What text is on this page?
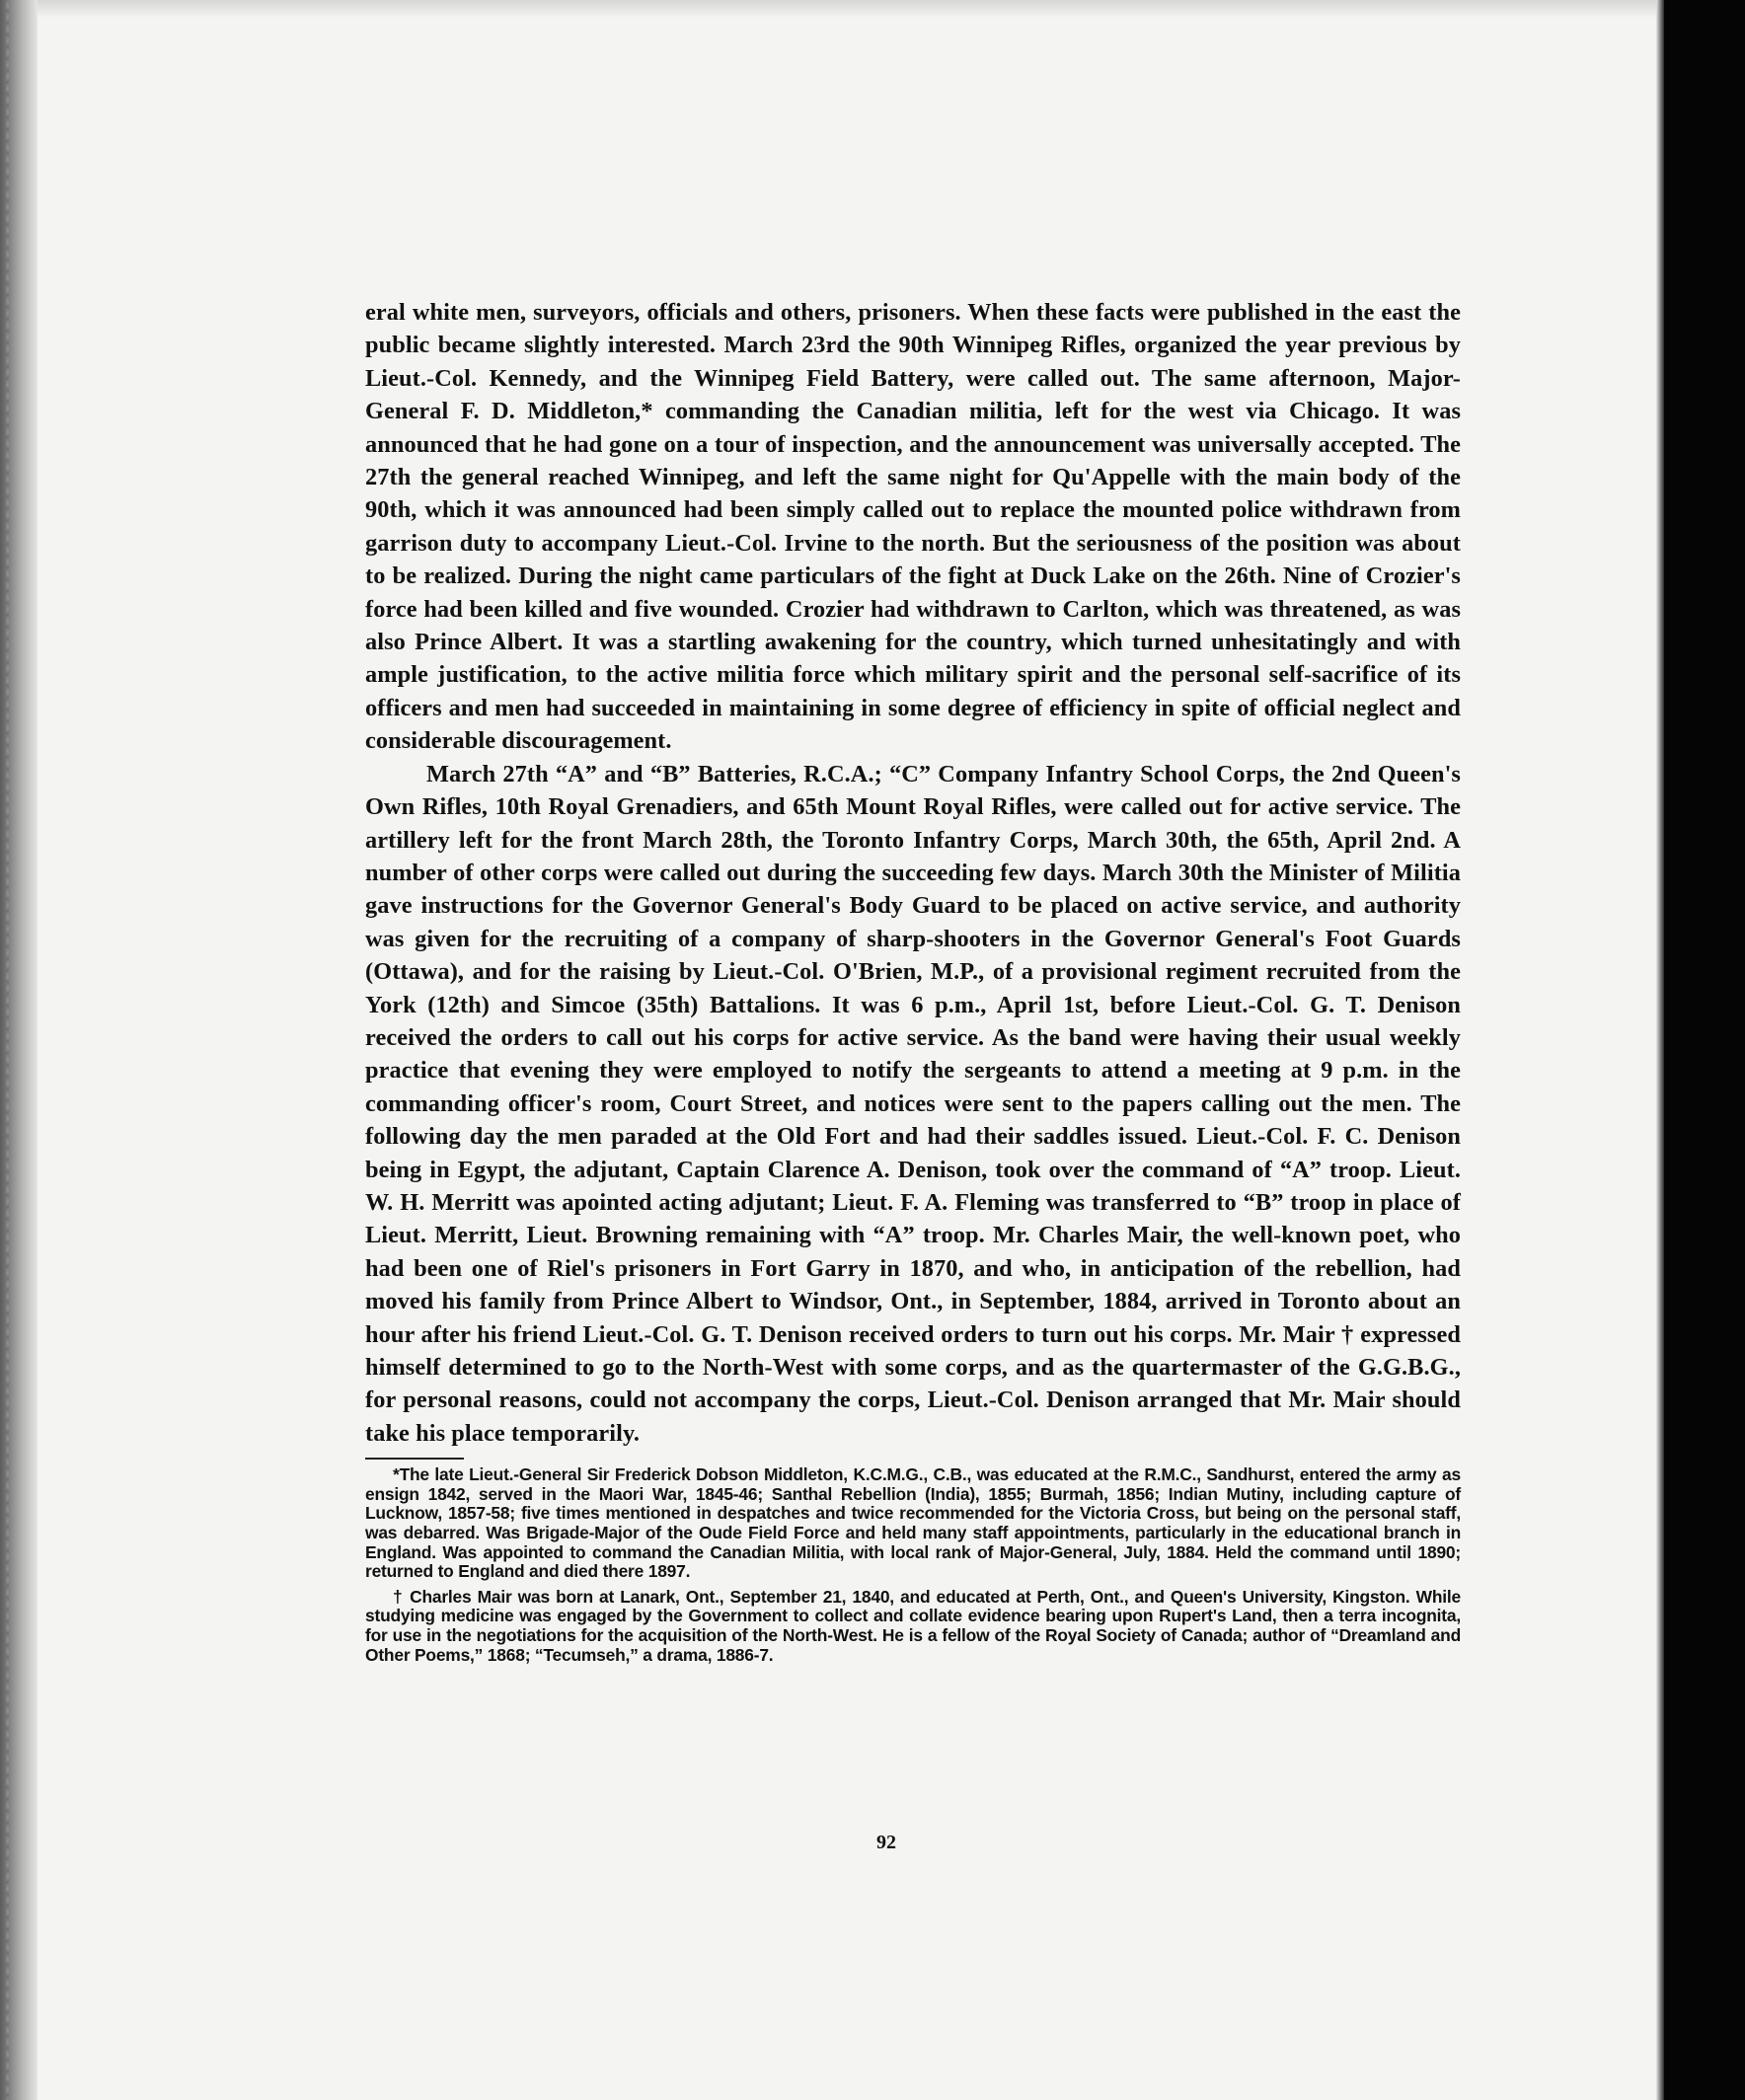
eral white men, surveyors, officials and others, prisoners. When these facts were published in the east the public became slightly interested. March 23rd the 90th Winnipeg Rifles, organized the year previous by Lieut.-Col. Kennedy, and the Winnipeg Field Battery, were called out. The same afternoon, Major-General F. D. Middleton,* commanding the Canadian militia, left for the west via Chicago. It was announced that he had gone on a tour of inspection, and the announcement was universally accepted. The 27th the general reached Winnipeg, and left the same night for Qu'Appelle with the main body of the 90th, which it was announced had been simply called out to replace the mounted police withdrawn from garrison duty to accompany Lieut.-Col. Irvine to the north. But the seriousness of the position was about to be realized. During the night came particulars of the fight at Duck Lake on the 26th. Nine of Crozier's force had been killed and five wounded. Crozier had withdrawn to Carlton, which was threatened, as was also Prince Albert. It was a startling awakening for the country, which turned unhesitatingly and with ample justification, to the active militia force which military spirit and the personal self-sacrifice of its officers and men had succeeded in maintaining in some degree of efficiency in spite of official neglect and considerable discouragement.

March 27th “A” and “B” Batteries, R.C.A.; “C” Company Infantry School Corps, the 2nd Queen's Own Rifles, 10th Royal Grenadiers, and 65th Mount Royal Rifles, were called out for active service. The artillery left for the front March 28th, the Toronto Infantry Corps, March 30th, the 65th, April 2nd. A number of other corps were called out during the succeeding few days. March 30th the Minister of Militia gave instructions for the Governor General's Body Guard to be placed on active service, and authority was given for the recruiting of a company of sharp-shooters in the Governor General's Foot Guards (Ottawa), and for the raising by Lieut.-Col. O'Brien, M.P., of a provisional regiment recruited from the York (12th) and Simcoe (35th) Battalions. It was 6 p.m., April 1st, before Lieut.-Col. G. T. Denison received the orders to call out his corps for active service. As the band were having their usual weekly practice that evening they were employed to notify the sergeants to attend a meeting at 9 p.m. in the commanding officer's room, Court Street, and notices were sent to the papers calling out the men. The following day the men paraded at the Old Fort and had their saddles issued. Lieut.-Col. F. C. Denison being in Egypt, the adjutant, Captain Clarence A. Denison, took over the command of “A” troop. Lieut. W. H. Merritt was apointed acting adjutant; Lieut. F. A. Fleming was transferred to “B” troop in place of Lieut. Merritt, Lieut. Browning remaining with “A” troop. Mr. Charles Mair, the well-known poet, who had been one of Riel's prisoners in Fort Garry in 1870, and who, in anticipation of the rebellion, had moved his family from Prince Albert to Windsor, Ont., in September, 1884, arrived in Toronto about an hour after his friend Lieut.-Col. G. T. Denison received orders to turn out his corps. Mr. Mair † expressed himself determined to go to the North-West with some corps, and as the quartermaster of the G.G.B.G., for personal reasons, could not accompany the corps, Lieut.-Col. Denison arranged that Mr. Mair should take his place temporarily.

*The late Lieut.-General Sir Frederick Dobson Middleton, K.C.M.G., C.B., was educated at the R.M.C., Sandhurst, entered the army as ensign 1842, served in the Maori War, 1845-46; Santhal Rebellion (India), 1855; Burmah, 1856; Indian Mutiny, including capture of Lucknow, 1857-58; five times mentioned in despatches and twice recommended for the Victoria Cross, but being on the personal staff, was debarred. Was Brigade-Major of the Oude Field Force and held many staff appointments, particularly in the educational branch in England. Was appointed to command the Canadian Militia, with local rank of Major-General, July, 1884. Held the command until 1890; returned to England and died there 1897.

† Charles Mair was born at Lanark, Ont., September 21, 1840, and educated at Perth, Ont., and Queen's University, Kingston. While studying medicine was engaged by the Government to collect and collate evidence bearing upon Rupert's Land, then a terra incognita, for use in the negotiations for the acquisition of the North-West. He is a fellow of the Royal Society of Canada; author of “Dreamland and Other Poems,” 1868; “Tecumseh,” a drama, 1886-7.

92
